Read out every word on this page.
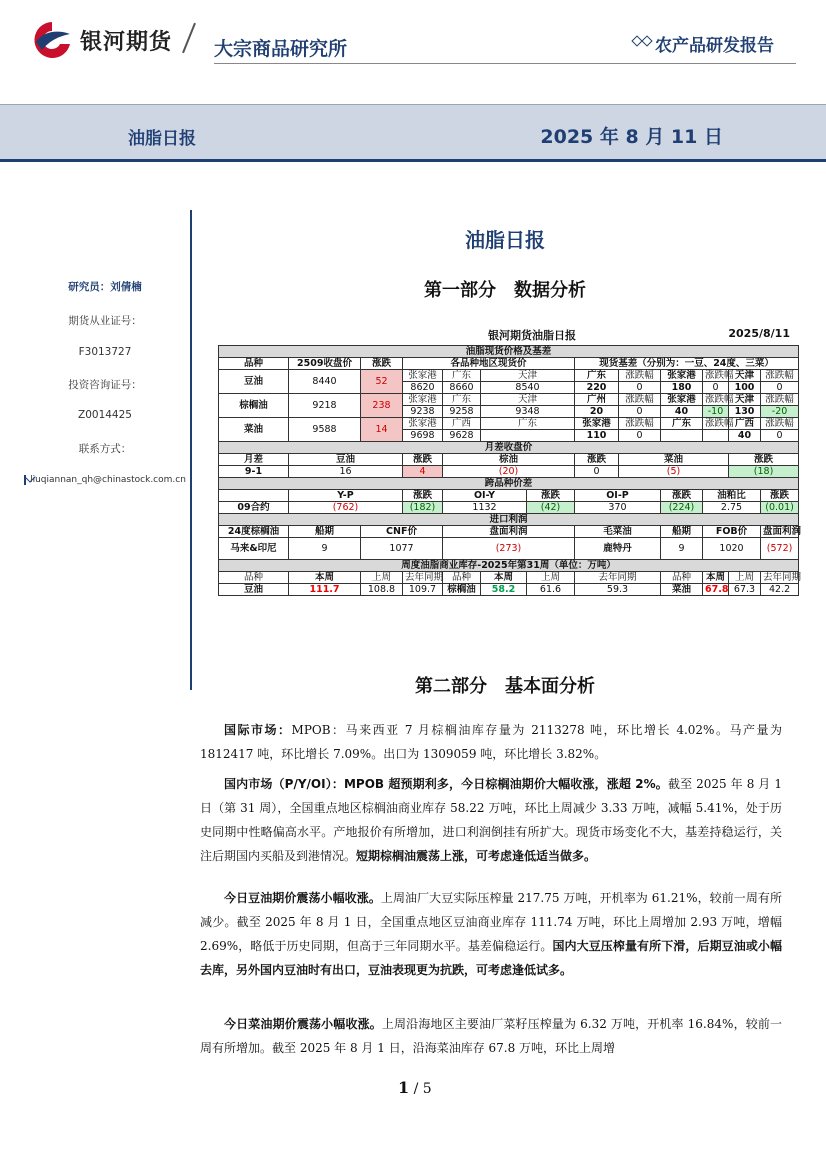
银河期货 大宗商品研究所	农产品研发报告
油脂日报	2025 年 8 月 11 日
研究员：刘倩楠
期货从业证号：
F3013727
投资咨询证号：
Z0014425
联系方式：
liuqiannan_qh@chinastock.com.cn
油脂日报
第一部分　数据分析
银河期货油脂日报	2025/8/11
油脂现货价格及基差												
品种	2509收盘价	涨跌	各品种地区现货价				现货基差（分别为：一豆、24度、三菜）					
豆油	8440	52	张家港	广东	天津		广东	涨跌幅	张家港	涨跌幅	天津	涨跌幅
			8620	8660	8540		220	0	180	0	100	0
棕榈油	9218	238	张家港	广东	天津		广州	涨跌幅	张家港	涨跌幅	天津	涨跌幅
			9238	9258	9348		20	0	40	-10	130	-20
菜油	9588	14	张家港	广西	广东		张家港	涨跌幅	广东	涨跌幅	广西	涨跌幅
			9698	9628			110	0			40	0
月差收盘价												
月差	豆油		涨跌	棕油			涨跌	菜油			涨跌	
9-1	16		4	(20)			0	(5)			(18)	
跨品种价差												
	Y-P		涨跌	OI-Y		涨跌	OI-P		涨跌	油粕比		涨跌
09合约	(762)		(182)	1132		(42)	370		(224)	2.75		(0.01)
进口利润												
24度棕榈油	船期	CNF价		盘面利润			毛菜油		船期	FOB价		盘面利润
马来&印尼	9	1077		(273)			鹿特丹		9	1020		(572)
周度油脂商业库存-2025年第31周（单位：万吨）												
品种	本周	上周	去年同期	品种	本周	上周	去年同期		品种	本周	上周	去年同期
豆油	111.7	108.8	109.7	棕榈油	58.2	61.6	59.3		菜油	67.8	67.3	42.2
第二部分　基本面分析
国际市场：MPOB：马来西亚 7 月棕榈油库存量为 2113278 吨，环比增长 4.02%。马产量为 1812417 吨，环比增长 7.09%。出口为 1309059 吨，环比增长 3.82%。
国内市场（P/Y/OI）：MPOB 超预期利多，今日棕榈油期价大幅收涨，涨超 2%。截至 2025 年 8 月 1 日（第 31 周），全国重点地区棕榈油商业库存 58.22 万吨，环比上周减少 3.33 万吨，减幅 5.41%，处于历史同期中性略偏高水平。产地报价有所增加，进口利润倒挂有所扩大。现货市场变化不大，基差持稳运行，关注后期国内买船及到港情况。短期棕榈油震荡上涨，可考虑逢低适当做多。
今日豆油期价震荡小幅收涨。上周油厂大豆实际压榨量 217.75 万吨，开机率为 61.21%，较前一周有所减少。截至 2025 年 8 月 1 日，全国重点地区豆油商业库存 111.74 万吨，环比上周增加 2.93 万吨，增幅 2.69%，略低于历史同期，但高于三年同期水平。基差偏稳运行。国内大豆压榨量有所下滑，后期豆油或小幅去库，另外国内豆油时有出口，豆油表现更为抗跌，可考虑逢低试多。
今日菜油期价震荡小幅收涨。上周沿海地区主要油厂菜籽压榨量为 6.32 万吨，开机率 16.84%，较前一周有所增加。截至 2025 年 8 月 1 日，沿海菜油库存 67.8 万吨，环比上周增
1 / 5
